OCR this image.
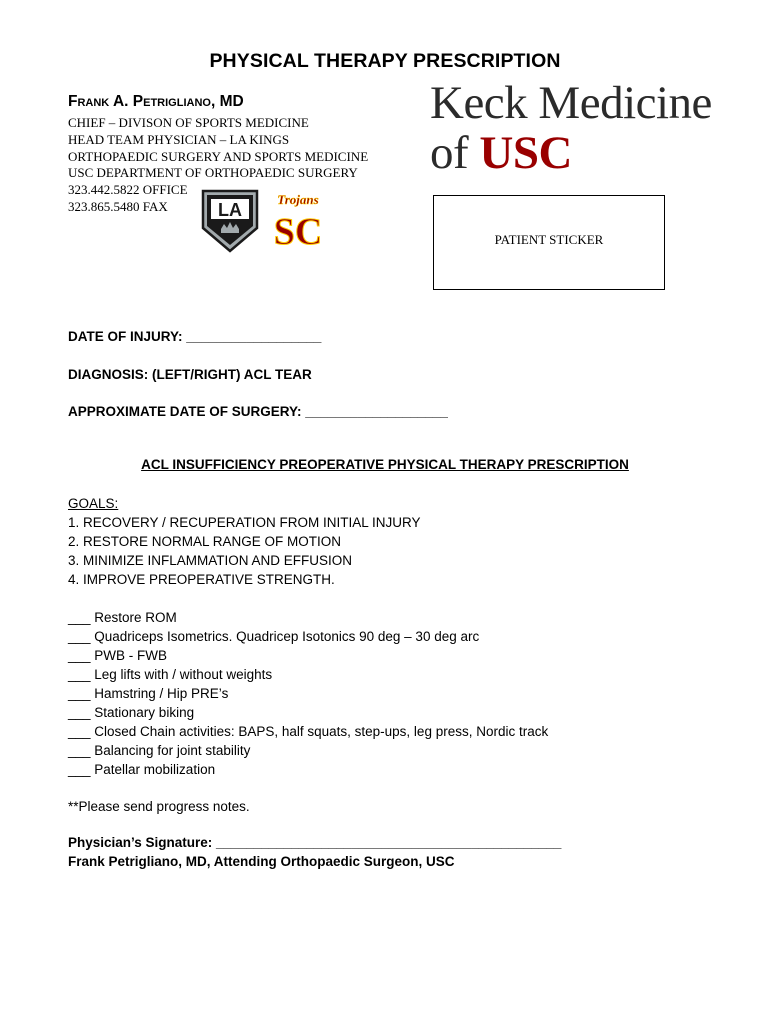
PHYSICAL THERAPY PRESCRIPTION
Frank A. Petrigliano, MD
CHIEF – DIVISON OF SPORTS MEDICINE
HEAD TEAM PHYSICIAN – LA KINGS
ORTHOPAEDIC SURGERY AND SPORTS MEDICINE
USC DEPARTMENT OF ORTHOPAEDIC SURGERY
323.442.5822 OFFICE
323.865.5480 FAX	LA
Trojans
SC
Keck Medicine
of USC
PATIENT STICKER
DATE OF INJURY: __________________
DIAGNOSIS: (LEFT/RIGHT) ACL TEAR
APPROXIMATE DATE OF SURGERY: ___________________
ACL INSUFFICIENCY PREOPERATIVE PHYSICAL THERAPY PRESCRIPTION
GOALS:
1. RECOVERY / RECUPERATION FROM INITIAL INJURY
2. RESTORE NORMAL RANGE OF MOTION
3. MINIMIZE INFLAMMATION AND EFFUSION
4. IMPROVE PREOPERATIVE STRENGTH.
___ Restore ROM
___ Quadriceps Isometrics. Quadricep Isotonics 90 deg – 30 deg arc
___ PWB - FWB
___ Leg lifts with / without weights
___ Hamstring / Hip PRE’s
___ Stationary biking
___ Closed Chain activities: BAPS, half squats, step-ups, leg press, Nordic track
___ Balancing for joint stability
___ Patellar mobilization
**Please send progress notes.
Physician’s Signature: ______________________________________________
Frank Petrigliano, MD, Attending Orthopaedic Surgeon, USC
